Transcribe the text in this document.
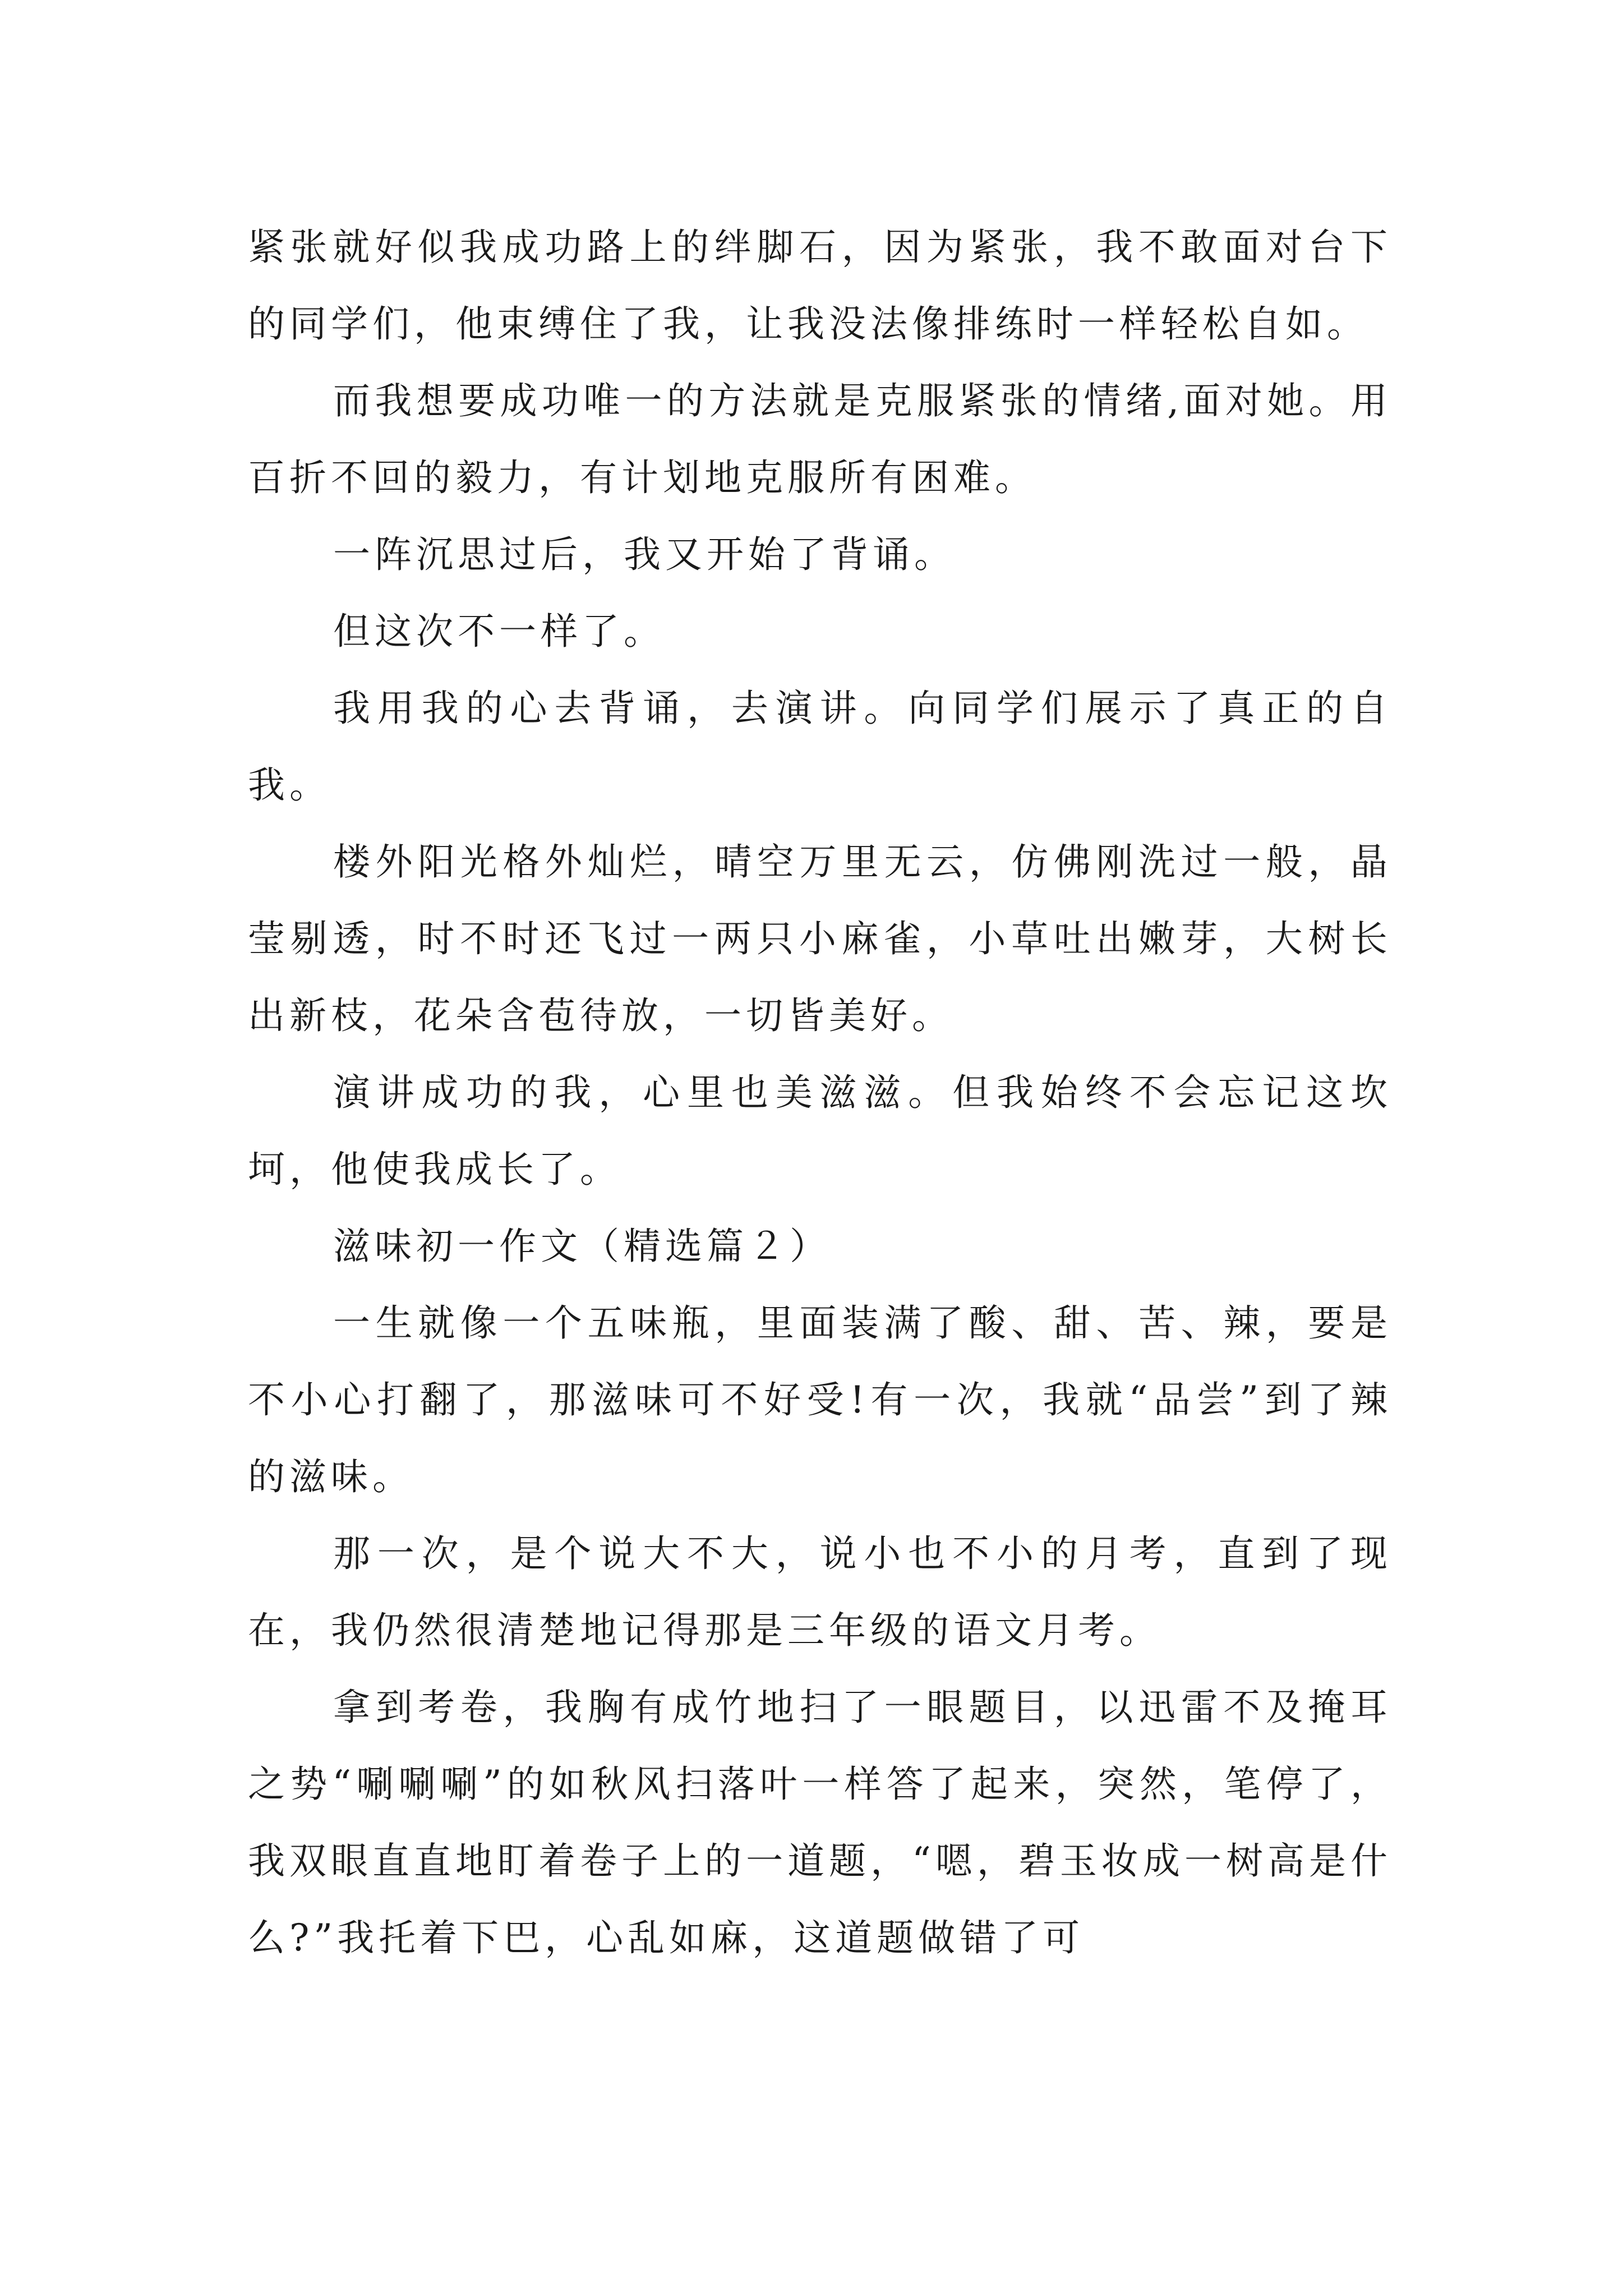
紧张就好似我成功路上的绊脚石，因为紧张，我不敢面对台下的同学们，他束缚住了我，让我没法像排练时一样轻松自如。

而我想要成功唯一的方法就是克服紧张的情绪,面对她。用百折不回的毅力，有计划地克服所有困难。

一阵沉思过后，我又开始了背诵。

但这次不一样了。

我用我的心去背诵，去演讲。向同学们展示了真正的自我。

楼外阳光格外灿烂，晴空万里无云，仿佛刚洗过一般，晶莹剔透，时不时还飞过一两只小麻雀，小草吐出嫩芽，大树长出新枝，花朵含苞待放，一切皆美好。

演讲成功的我，心里也美滋滋。但我始终不会忘记这坎坷，他使我成长了。

滋味初一作文（精选篇２）

一生就像一个五味瓶，里面装满了酸、甜、苦、辣，要是不小心打翻了，那滋味可不好受!有一次，我就“品尝”到了辣的滋味。

那一次，是个说大不大，说小也不小的月考，直到了现在，我仍然很清楚地记得那是三年级的语文月考。

拿到考卷，我胸有成竹地扫了一眼题目，以迅雷不及掩耳之势“唰唰唰”的如秋风扫落叶一样答了起来，突然，笔停了，我双眼直直地盯着卷子上的一道题，“嗯，碧玉妆成一树高是什么?”我托着下巴，心乱如麻，这道题做错了可
